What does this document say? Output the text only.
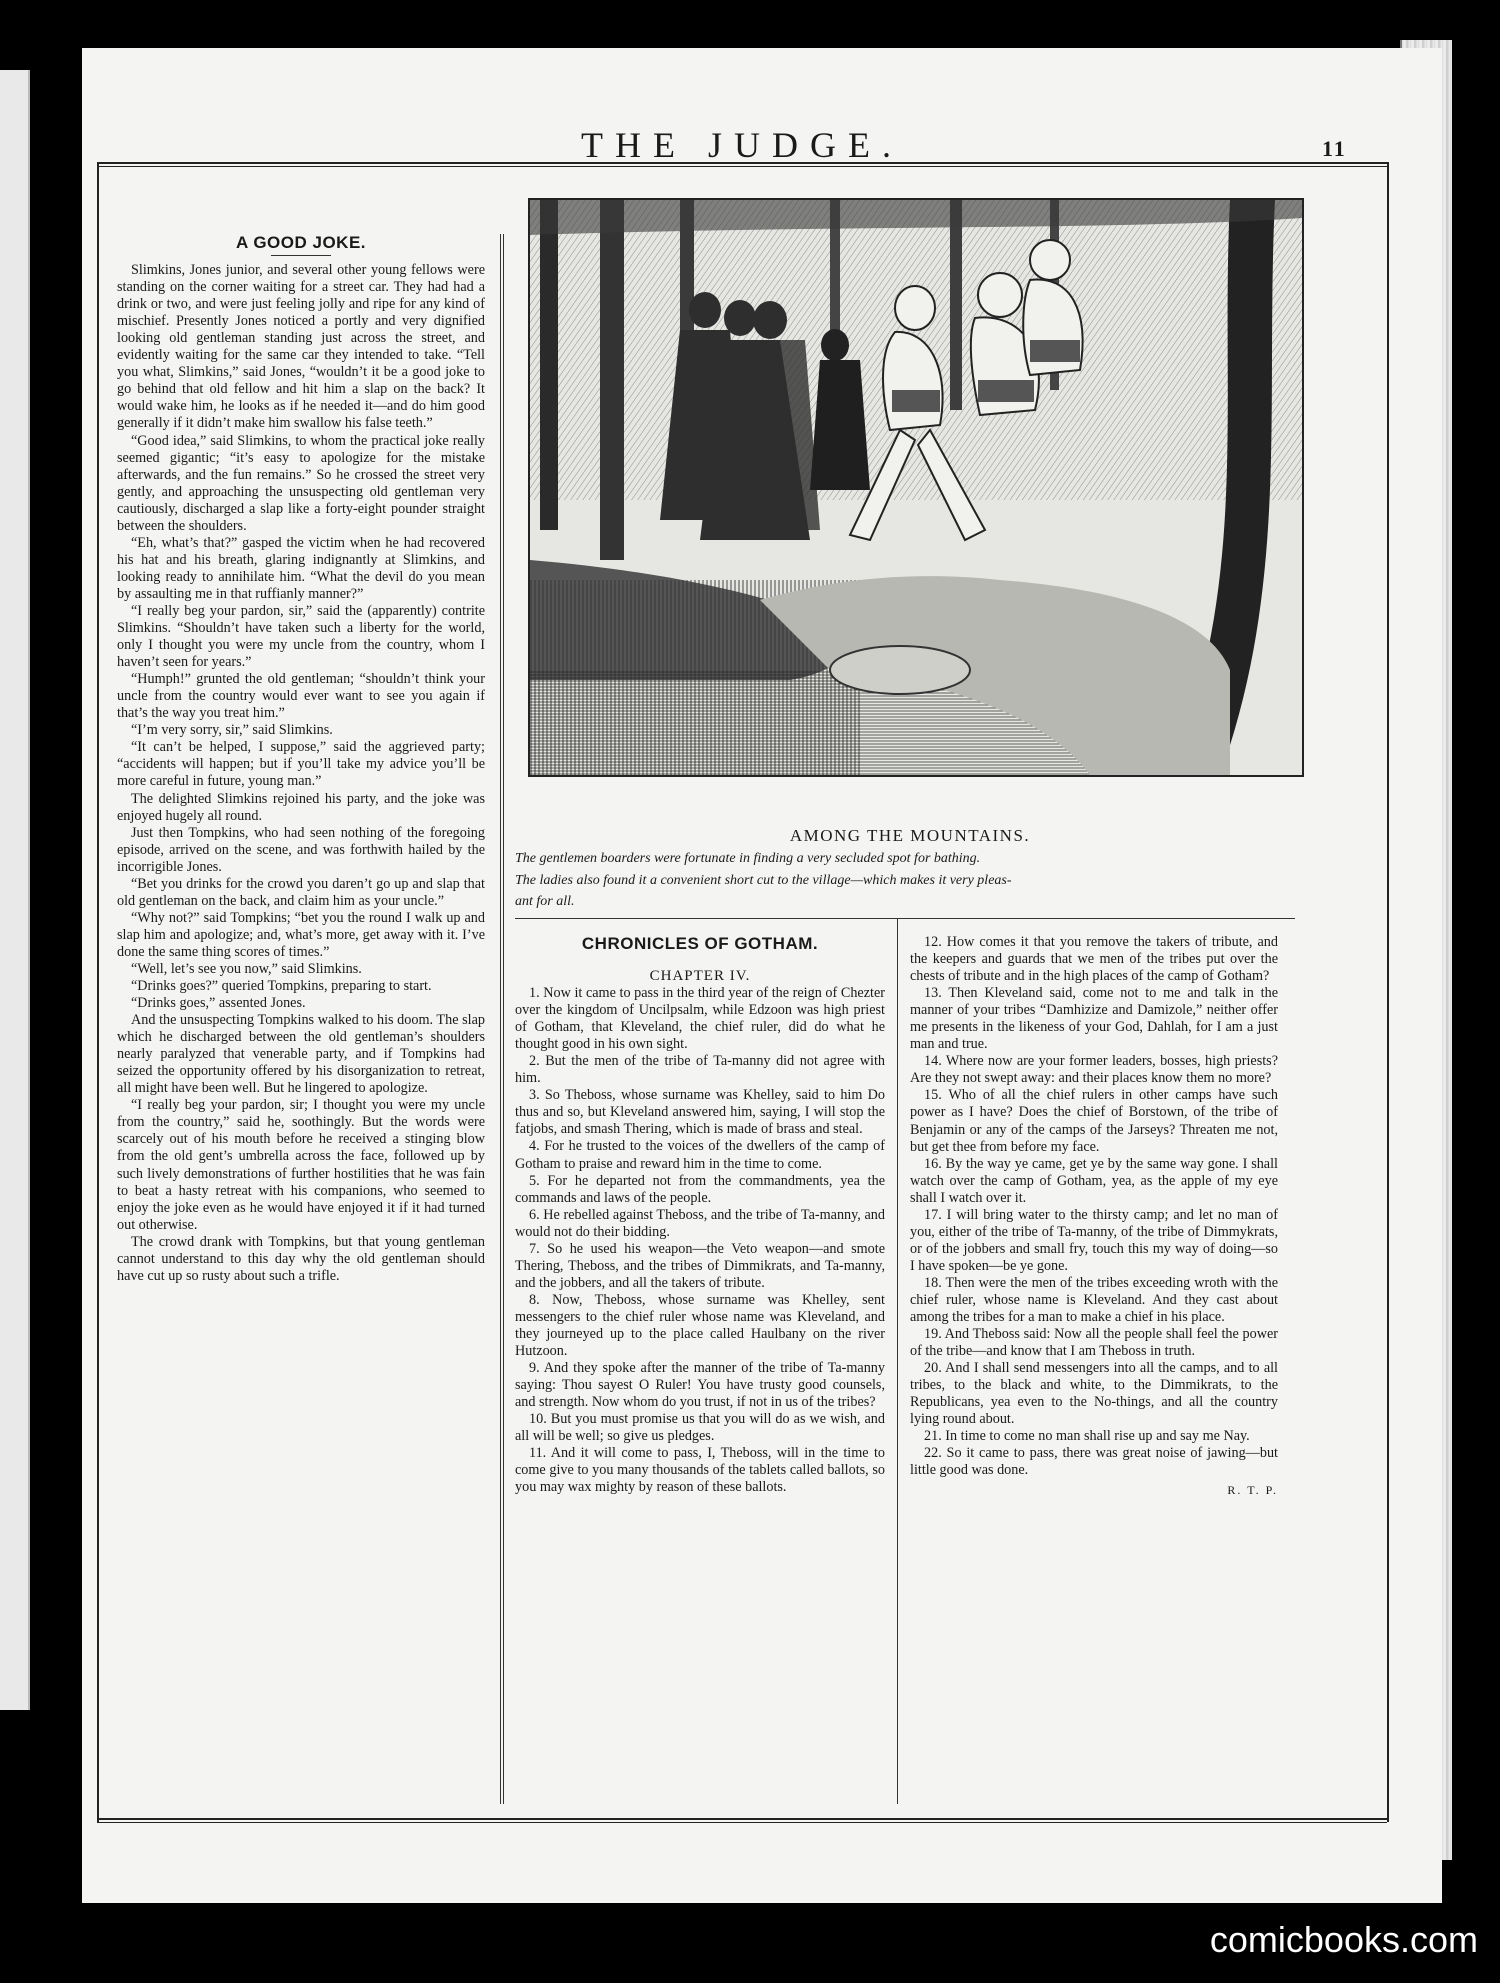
THE JUDGE.	11
A GOOD JOKE.

Slimkins, Jones junior, and several other young fellows were standing on the corner waiting for a street car. They had had a drink or two, and were just feeling jolly and ripe for any kind of mischief. Presently Jones noticed a portly and very dignified looking old gentleman standing just across the street, and evidently waiting for the same car they intended to take. “Tell you what, Slimkins,” said Jones, “wouldn’t it be a good joke to go behind that old fellow and hit him a slap on the back? It would wake him, he looks as if he needed it—and do him good generally if it didn’t make him swallow his false teeth.”

“Good idea,” said Slimkins, to whom the practical joke really seemed gigantic; “it’s easy to apologize for the mistake afterwards, and the fun remains.” So he crossed the street very gently, and approaching the unsuspecting old gentleman very cautiously, discharged a slap like a forty-eight pounder straight between the shoulders.

“Eh, what’s that?” gasped the victim when he had recovered his hat and his breath, glaring indignantly at Slimkins, and looking ready to annihilate him. “What the devil do you mean by assaulting me in that ruffianly manner?”

“I really beg your pardon, sir,” said the (apparently) contrite Slimkins. “Shouldn’t have taken such a liberty for the world, only I thought you were my uncle from the country, whom I haven’t seen for years.”

“Humph!” grunted the old gentleman; “shouldn’t think your uncle from the country would ever want to see you again if that’s the way you treat him.”

“I’m very sorry, sir,” said Slimkins.

“It can’t be helped, I suppose,” said the aggrieved party; “accidents will happen; but if you’ll take my advice you’ll be more careful in future, young man.”

The delighted Slimkins rejoined his party, and the joke was enjoyed hugely all round.

Just then Tompkins, who had seen nothing of the foregoing episode, arrived on the scene, and was forthwith hailed by the incorrigible Jones.

“Bet you drinks for the crowd you daren’t go up and slap that old gentleman on the back, and claim him as your uncle.”

“Why not?” said Tompkins; “bet you the round I walk up and slap him and apologize; and, what’s more, get away with it. I’ve done the same thing scores of times.”

“Well, let’s see you now,” said Slimkins.

“Drinks goes?” queried Tompkins, preparing to start.

“Drinks goes,” assented Jones.

And the unsuspecting Tompkins walked to his doom. The slap which he discharged between the old gentleman’s shoulders nearly paralyzed that venerable party, and if Tompkins had seized the opportunity offered by his disorganization to retreat, all might have been well. But he lingered to apologize.

“I really beg your pardon, sir; I thought you were my uncle from the country,” said he, soothingly. But the words were scarcely out of his mouth before he received a stinging blow from the old gent’s umbrella across the face, followed up by such lively demonstrations of further hostilities that he was fain to beat a hasty retreat with his companions, who seemed to enjoy the joke even as he would have enjoyed it if it had turned out otherwise.

The crowd drank with Tompkins, but that young gentleman cannot understand to this day why the old gentleman should have cut up so rusty about such a trifle.

AMONG THE MOUNTAINS.
The gentlemen boarders were fortunate in finding a very secluded spot for bathing.
The ladies also found it a convenient short cut to the village—which makes it very pleas-
ant for all.
CHRONICLES OF GOTHAM.
CHAPTER IV.

1. Now it came to pass in the third year of the reign of Chezter over the kingdom of Uncilpsalm, while Edzoon was high priest of Gotham, that Kleveland, the chief ruler, did do what he thought good in his own sight.

2. But the men of the tribe of Ta-manny did not agree with him.

3. So Theboss, whose surname was Khelley, said to him Do thus and so, but Kleveland answered him, saying, I will stop the fatjobs, and smash Thering, which is made of brass and steal.

4. For he trusted to the voices of the dwellers of the camp of Gotham to praise and reward him in the time to come.

5. For he departed not from the commandments, yea the commands and laws of the people.

6. He rebelled against Theboss, and the tribe of Ta-manny, and would not do their bidding.

7. So he used his weapon—the Veto weapon—and smote Thering, Theboss, and the tribes of Dimmikrats, and Ta-manny, and the jobbers, and all the takers of tribute.

8. Now, Theboss, whose surname was Khelley, sent messengers to the chief ruler whose name was Kleveland, and they journeyed up to the place called Haulbany on the river Hutzoon.

9. And they spoke after the manner of the tribe of Ta-manny saying: Thou sayest O Ruler! You have trusty good counsels, and strength. Now whom do you trust, if not in us of the tribes?

10. But you must promise us that you will do as we wish, and all will be well; so give us pledges.

11. And it will come to pass, I, Theboss, will in the time to come give to you many thousands of the tablets called ballots, so you may wax mighty by reason of these ballots.

12. How comes it that you remove the takers of tribute, and the keepers and guards that we men of the tribes put over the chests of tribute and in the high places of the camp of Gotham?

13. Then Kleveland said, come not to me and talk in the manner of your tribes “Damhizize and Damizole,” neither offer me presents in the likeness of your God, Dahlah, for I am a just man and true.

14. Where now are your former leaders, bosses, high priests? Are they not swept away: and their places know them no more?

15. Who of all the chief rulers in other camps have such power as I have? Does the chief of Borstown, of the tribe of Benjamin or any of the camps of the Jarseys? Threaten me not, but get thee from before my face.

16. By the way ye came, get ye by the same way gone. I shall watch over the camp of Gotham, yea, as the apple of my eye shall I watch over it.

17. I will bring water to the thirsty camp; and let no man of you, either of the tribe of Ta-manny, of the tribe of Dimmykrats, or of the jobbers and small fry, touch this my way of doing—so I have spoken—be ye gone.

18. Then were the men of the tribes exceeding wroth with the chief ruler, whose name is Kleveland. And they cast about among the tribes for a man to make a chief in his place.

19. And Theboss said: Now all the people shall feel the power of the tribe—and know that I am Theboss in truth.

20. And I shall send messengers into all the camps, and to all tribes, to the black and white, to the Dimmikrats, to the Republicans, yea even to the No-things, and all the country lying round about.

21. In time to come no man shall rise up and say me Nay.

22. So it came to pass, there was great noise of jawing—but little good was done.

R. T. P.
comicbooks.com
